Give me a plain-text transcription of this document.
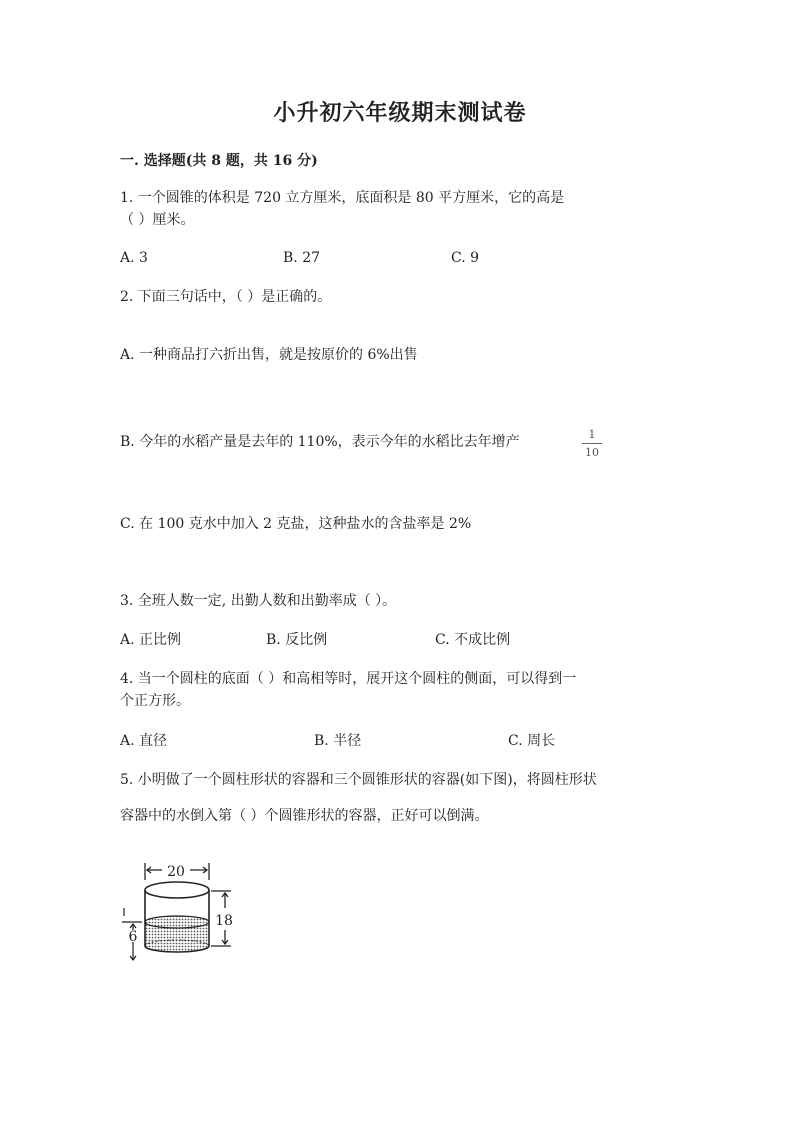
小升初六年级期末测试卷
一. 选择题(共 8 题，共 16 分)
1. 一个圆锥的体积是 720 立方厘米，底面积是 80 平方厘米，它的高是
（ ）厘米。
A. 3	B. 27	C. 9
2. 下面三句话中，（ ）是正确的。
A. 一种商品打六折出售，就是按原价的 6%出售
B. 今年的水稻产量是去年的 110%，表示今年的水稻比去年增产	1
10
C. 在 100 克水中加入 2 克盐，这种盐水的含盐率是 2%
3. 全班人数一定, 出勤人数和出勤率成（ ）。
A. 正比例	B. 反比例	C. 不成比例
4. 当一个圆柱的底面（ ）和高相等时，展开这个圆柱的侧面，可以得到一
个正方形。
A. 直径	B. 半径	C. 周长
5. 小明做了一个圆柱形状的容器和三个圆锥形状的容器(如下图)，将圆柱形状
容器中的水倒入第（ ）个圆锥形状的容器，正好可以倒满。
20
18
6
